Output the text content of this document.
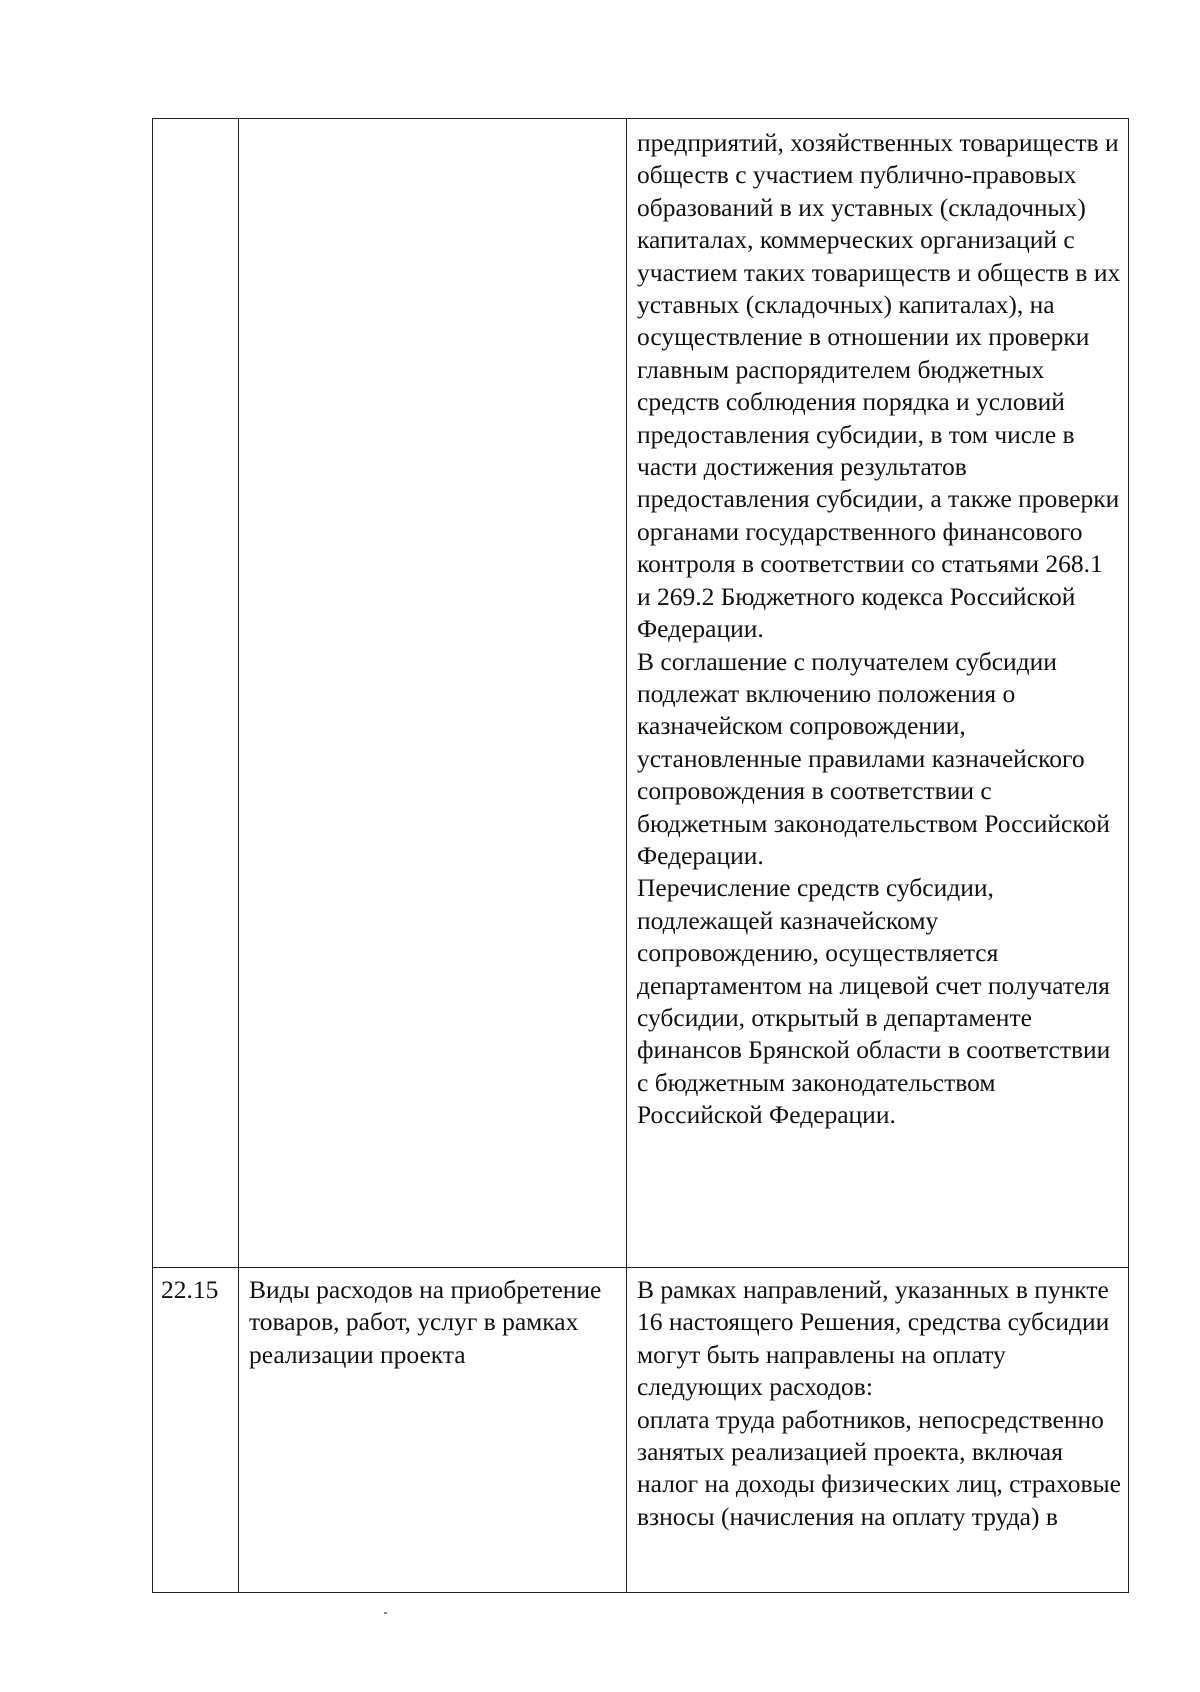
		предприятий, хозяйственных товариществ и обществ с участием публично-правовых образований в их уставных (складочных) капиталах, коммерческих организаций с участием таких товариществ и обществ в их уставных (складочных) капиталах), на осуществление в отношении их проверки главным распорядителем бюджетных средств соблюдения порядка и условий предоставления субсидии, в том числе в части достижения результатов предоставления субсидии, а также проверки органами государственного финансового контроля в соответствии со статьями 268.1 и 269.2 Бюджетного кодекса Российской Федерации.

В соглашение с получателем субсидии подлежат включению положения о казначейском сопровождении, установленные правилами казначейского сопровождения в соответствии с бюджетным законодательством Российской Федерации.

Перечисление средств субсидии, подлежащей казначейскому сопровождению, осуществляется департаментом на лицевой счет получателя субсидии, открытый в департаменте финансов Брянской области в соответствии с бюджетным законодательством Российской Федерации.

22.15	Виды расходов на приобретение товаров, работ, услуг в рамках реализации проекта	В рамках направлений, указанных в пункте 16 настоящего Решения, средства субсидии могут быть направлены на оплату следующих расходов:

оплата труда работников, непосредственно занятых реализацией проекта, включая налог на доходы физических лиц, страховые взносы (начисления на оплату труда) в
